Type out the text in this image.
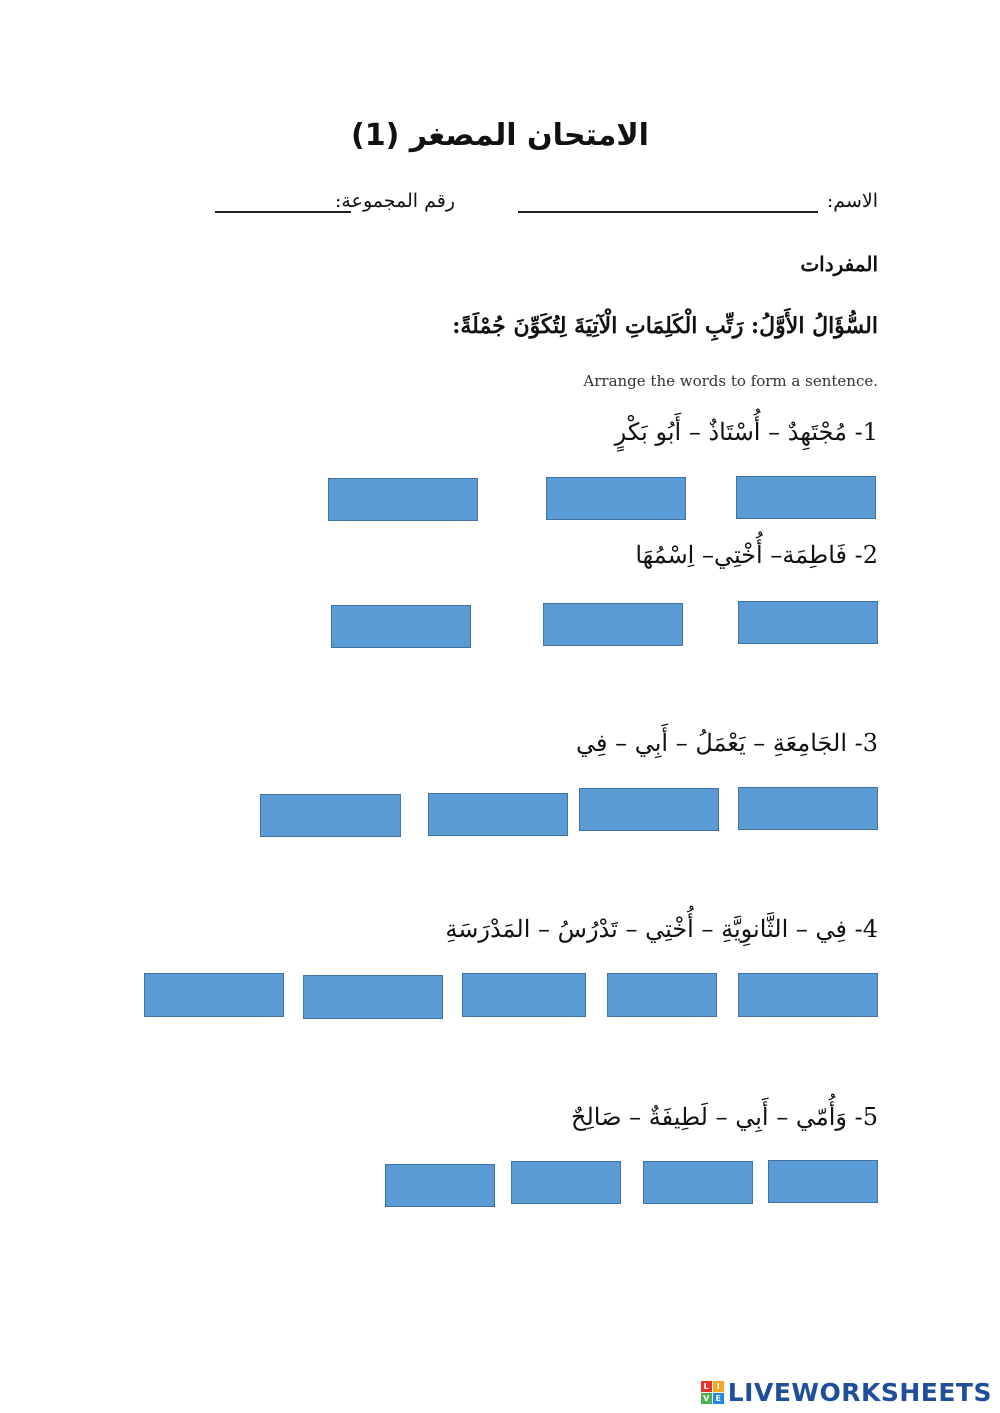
الامتحان المصغر (1)
الاسم:
رقم المجموعة:
المفردات
السُّؤَالُ الأَوَّلُ: رَتِّبِ الْكَلِمَاتِ الْآتِيَةَ لِتُكَوِّنَ جُمْلَةً:
Arrange the words to form a sentence.
1- مُجْتَهِدٌ – أُسْتَاذٌ – أَبُو بَكْرٍ
2- فَاطِمَة– أُخْتِي– اِسْمُهَا
3- الجَامِعَةِ – يَعْمَلُ – أَبِي – فِي
4- فِي – الثَّانوِيَّةِ – أُخْتِي – تَدْرُسُ – المَدْرَسَةِ
5- وَأُمّي – أَبِي – لَطِيفَةٌ – صَالِحٌ
L I
V E LIVEWORKSHEETS
